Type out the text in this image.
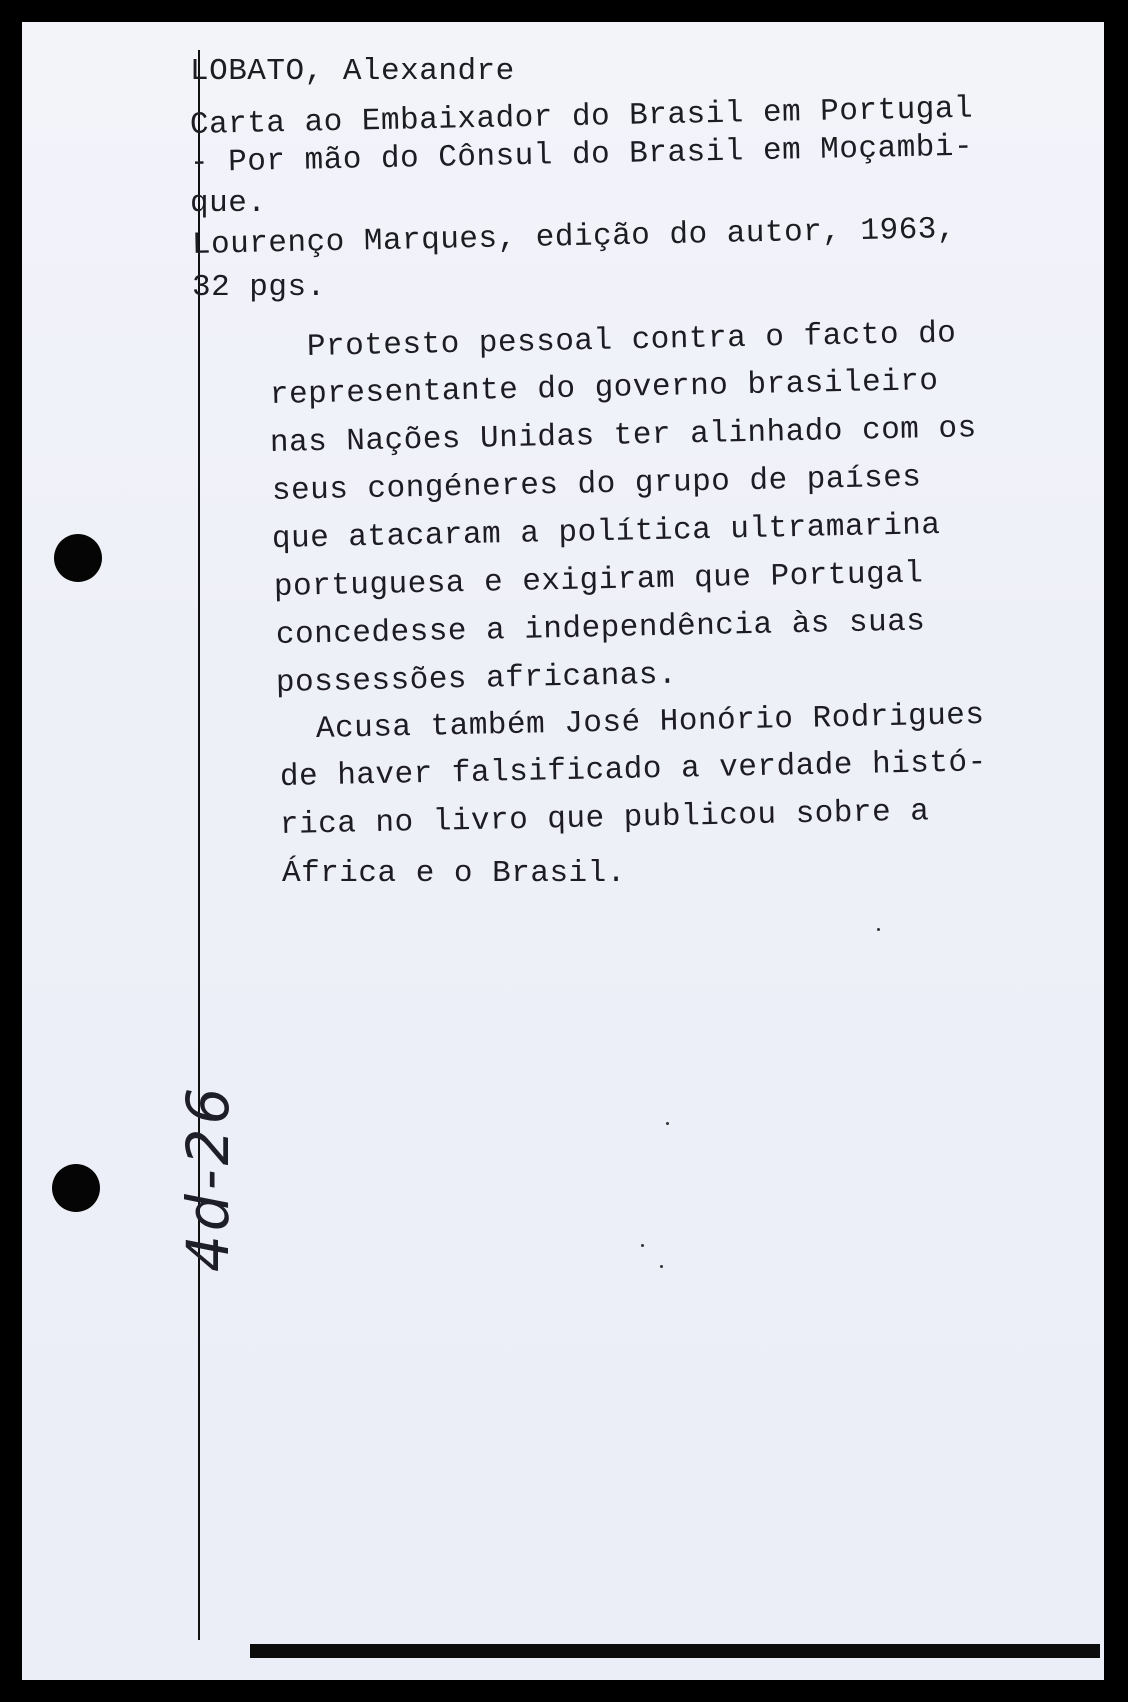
LOBATO, Alexandre
Carta ao Embaixador do Brasil em Portugal
- Por mão do Cônsul do Brasil em Moçambi-
que.
Lourenço Marques, edição do autor, 1963,
32 pgs.
Protesto pessoal contra o facto do
representante do governo brasileiro
nas Nações Unidas ter alinhado com os
seus congéneres do grupo de países
que atacaram a política ultramarina
portuguesa e exigiram que Portugal
concedesse a independência às suas
possessões africanas.
Acusa também José Honório Rodrigues
de haver falsificado a verdade histó-
rica no livro que publicou sobre a
África e o Brasil.
4d-26
